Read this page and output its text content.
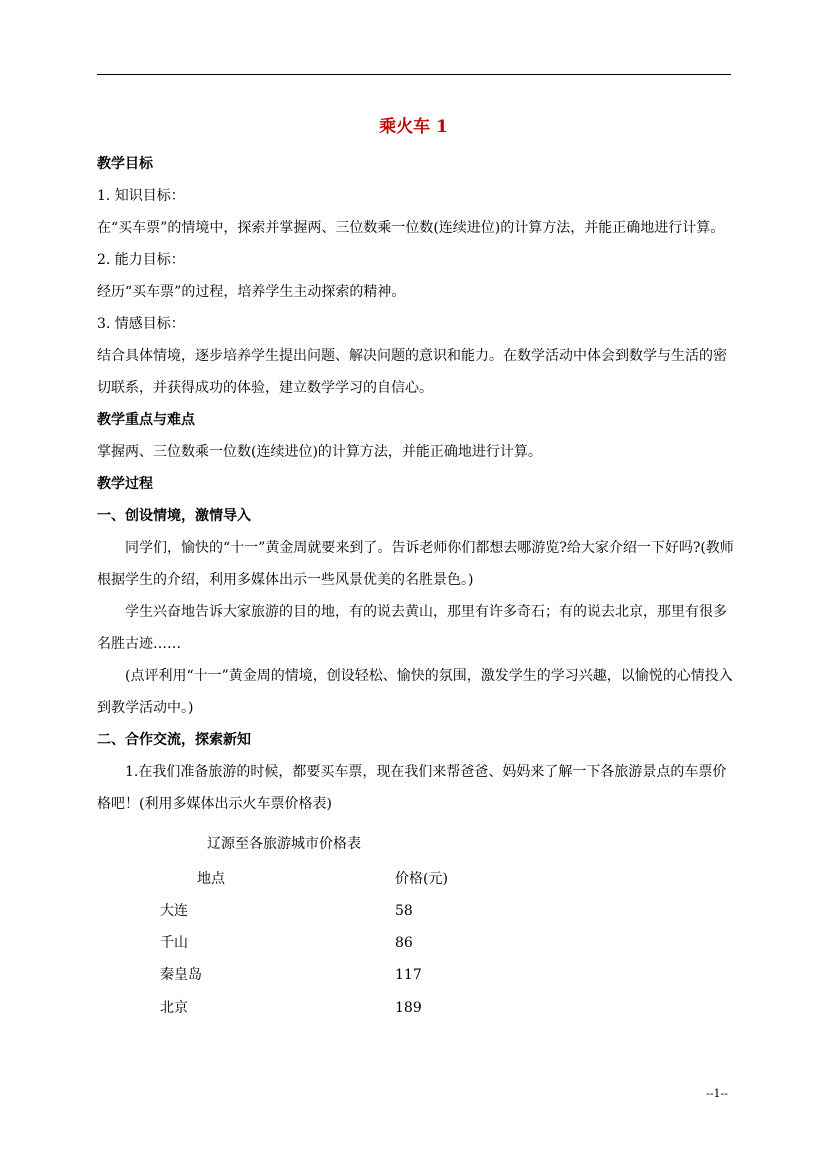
乘火车 1

教学目标

1. 知识目标：

在“买车票”的情境中，探索并掌握两、三位数乘一位数(连续进位)的计算方法，并能正确地进行计算。

2. 能力目标：

经历“买车票”的过程，培养学生主动探索的精神。

3. 情感目标：

结合具体情境，逐步培养学生提出问题、解决问题的意识和能力。在数学活动中体会到数学与生活的密切联系，并获得成功的体验，建立数学学习的自信心。

教学重点与难点

掌握两、三位数乘一位数(连续进位)的计算方法，并能正确地进行计算。

教学过程

一、创设情境，激情导入

同学们，愉快的“十一”黄金周就要来到了。告诉老师你们都想去哪游览?给大家介绍一下好吗?(教师根据学生的介绍，利用多媒体出示一些风景优美的名胜景色。)

学生兴奋地告诉大家旅游的目的地，有的说去黄山，那里有许多奇石；有的说去北京，那里有很多名胜古迹……

(点评利用“十一”黄金周的情境，创设轻松、愉快的氛围，激发学生的学习兴趣，以愉悦的心情投入到教学活动中。)

二、合作交流，探索新知

1.在我们准备旅游的时候，都要买车票，现在我们来帮爸爸、妈妈来了解一下各旅游景点的车票价格吧！(利用多媒体出示火车票价格表)

辽源至各旅游城市价格表
地点	价格(元)
大连	58
千山	86
秦皇岛	117
北京	189
--1--
